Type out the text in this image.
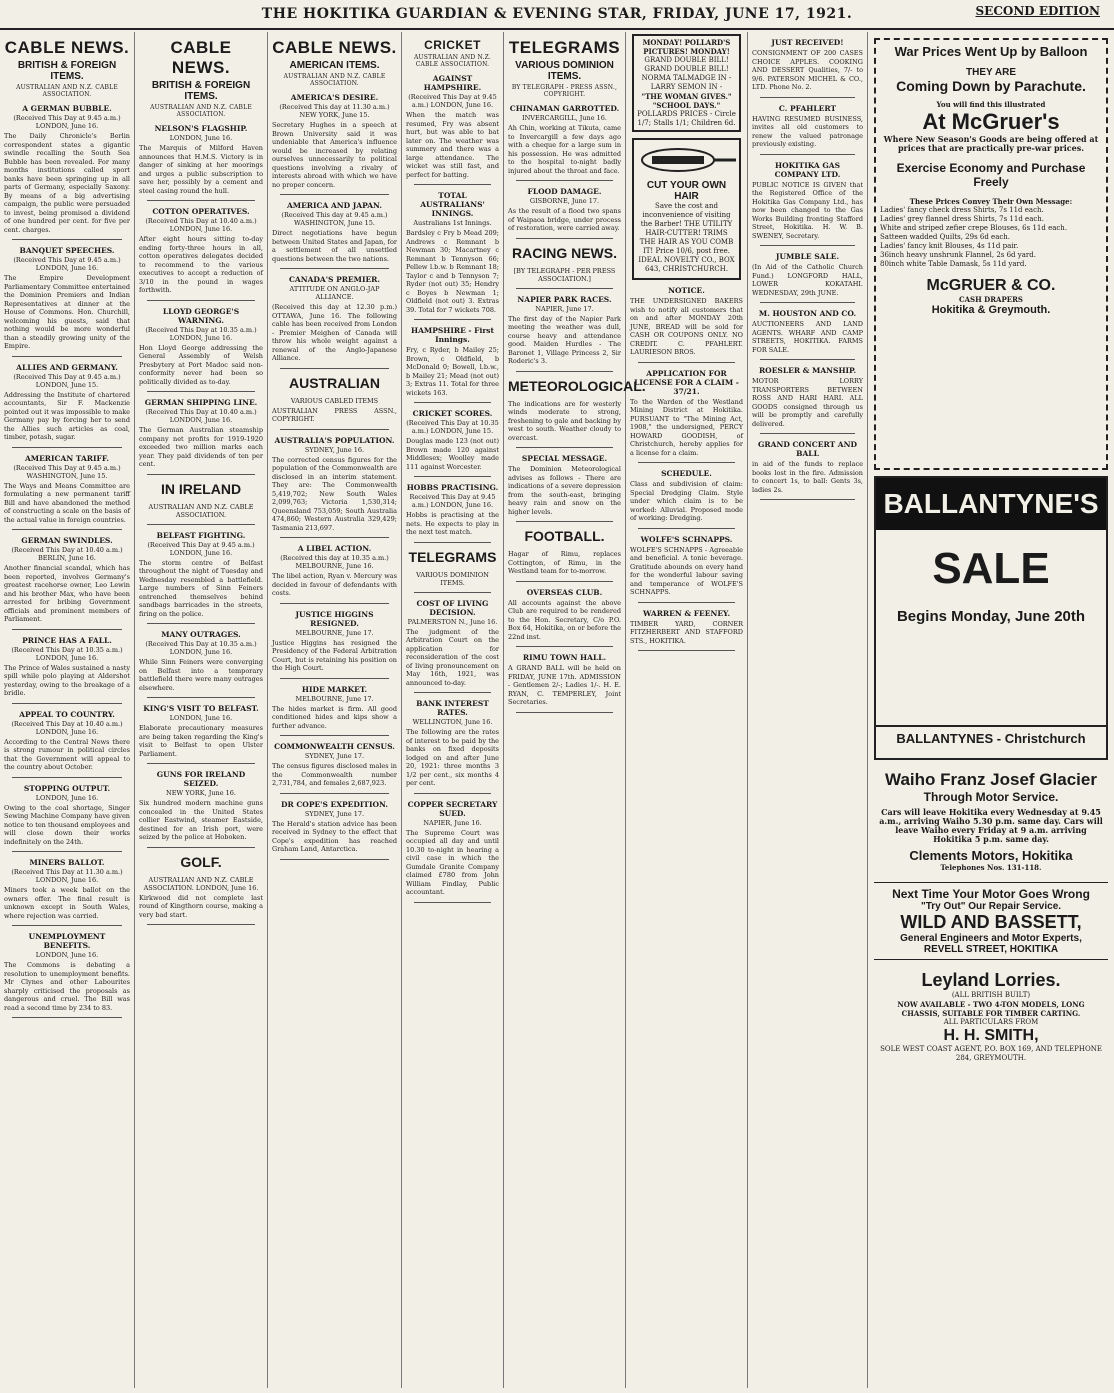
THE HOKITIKA GUARDIAN & EVENING STAR, FRIDAY, JUNE 17, 1921.	SECOND EDITION
CABLE NEWS.
BRITISH & FOREIGN ITEMS.
AUSTRALIAN AND N.Z. CABLE ASSOCIATION.
A GERMAN BUBBLE.
(Received This Day at 9.45 a.m.) LONDON, June 16.
The Daily Chronicle's Berlin correspondent states a gigantic swindle recalling the South Sea Bubble has been revealed. For many months institutions called sport banks have been springing up in all parts of Germany, especially Saxony. By means of a big advertising campaign, the public were persuaded to invest, being promised a dividend of one hundred per cent. for five per cent. charges.
BANQUET SPEECHES.
(Received This Day at 9.45 a.m.) LONDON, June 16.
The Empire Development Parliamentary Committee entertained the Dominion Premiers and Indian Representatives at dinner at the House of Commons. Hon. Churchill, welcoming his guests, said that nothing would be more wonderful than a steadily growing unity of the Empire.
ALLIES AND GERMANY.
(Received This Day at 9.45 a.m.) LONDON, June 15.
Addressing the Institute of chartered accountants, Sir F. Mackenzie pointed out it was impossible to make Germany pay by forcing her to send the Allies such articles as coal, timber, potash, sugar.
AMERICAN TARIFF.
(Received This Day at 9.45 a.m.) WASHINGTON, June 15.
The Ways and Means Committee are formulating a new permanent tariff Bill and have abandoned the method of constructing a scale on the basis of the actual value in foreign countries.
GERMAN SWINDLES.
(Received This Day at 10.40 a.m.) BERLIN, June 16.
Another financial scandal, which has been reported, involves Germany's greatest racehorse owner, Leo Lewin and his brother Max, who have been arrested for bribing Government officials and prominent members of Parliament.
PRINCE HAS A FALL.
(Received This Day at 10.35 a.m.) LONDON, June 16.
The Prince of Wales sustained a nasty spill while polo playing at Aldershot yesterday, owing to the breakage of a bridle.
APPEAL TO COUNTRY.
(Received This Day at 10.40 a.m.) LONDON, June 16.
According to the Central News there is strong rumour in political circles that the Government will appeal to the country about October.
STOPPING OUTPUT.
LONDON, June 16.
Owing to the coal shortage, Singer Sewing Machine Company have given notice to ten thousand employees and will close down their works indefinitely on the 24th.
MINERS BALLOT.
(Received This Day at 11.30 a.m.) LONDON, June 16.
Miners took a week ballot on the owners offer. The final result is unknown except in South Wales, where rejection was carried.
UNEMPLOYMENT BENEFITS.
LONDON, June 16.
The Commons is debating a resolution to unemployment benefits. Mr Clynes and other Labourites sharply criticised the proposals as dangerous and cruel. The Bill was read a second time by 234 to 83.
CABLE NEWS.
BRITISH & FOREIGN ITEMS.
AUSTRALIAN AND N.Z. CABLE ASSOCIATION.
NELSON'S FLAGSHIP.
LONDON, June 16.
The Marquis of Milford Haven announces that H.M.S. Victory is in danger of sinking at her moorings and urges a public subscription to save her, possibly by a cement and steel casing round the hull.
COTTON OPERATIVES.
(Received This Day at 10.40 a.m.) LONDON, June 16.
After eight hours sitting to-day ending forty-three hours in all, cotton operatives delegates decided to recommend to the various executives to accept a reduction of 3/10 in the pound in wages forthwith.
LLOYD GEORGE'S WARNING.
(Received This Day at 10.35 a.m.) LONDON, June 16.
Hon Lloyd George addressing the General Assembly of Welsh Presbytery at Port Madoc said non-conformity never had been so politically divided as to-day.
GERMAN SHIPPING LINE.
(Received This Day at 10.40 a.m.) LONDON, June 16.
The German Australian steamship company net profits for 1919-1920 exceeded two million marks each year. They paid dividends of ten per cent.
IN IRELAND
AUSTRALIAN AND N.Z. CABLE ASSOCIATION.
BELFAST FIGHTING.
(Received This Day at 9.45 a.m.) LONDON, June 16.
The storm centre of Belfast throughout the night of Tuesday and Wednesday resembled a battlefield. Large numbers of Sinn Feiners entrenched themselves behind sandbags barricades in the streets, firing on the police.
MANY OUTRAGES.
(Received This Day at 10.35 a.m.) LONDON, June 16.
While Sinn Feiners were converging on Belfast into a temporary battlefield there were many outrages elsewhere.
KING'S VISIT TO BELFAST.
LONDON, June 16.
Elaborate precautionary measures are being taken regarding the King's visit to Belfast to open Ulster Parliament.
GUNS FOR IRELAND SEIZED.
NEW YORK, June 16.
Six hundred modern machine guns concealed in the United States collier Eastwind, steamer Eastside, destined for an Irish port, were seized by the police at Hoboken.
GOLF.
AUSTRALIAN AND N.Z. CABLE ASSOCIATION. LONDON, June 16.
Kirkwood did not complete last round of Kingthorn course, making a very bad start.
CABLE NEWS.
AMERICAN ITEMS.
AUSTRALIAN AND N.Z. CABLE ASSOCIATION.
AMERICA'S DESIRE.
(Received This day at 11.30 a.m.) NEW YORK, June 15.
Secretary Hughes in a speech at Brown University said it was undeniable that America's influence would be increased by relating ourselves unnecessarily to political questions involving a rivalry of interests abroad with which we have no proper concern.
AMERICA AND JAPAN.
(Received This day at 9.45 a.m.) WASHINGTON, June 15.
Direct negotiations have begun between United States and Japan, for a settlement of all unsettled questions between the two nations.
CANADA'S PREMIER.
ATTITUDE ON ANGLO-JAP ALLIANCE.
(Received this day at 12.30 p.m.) OTTAWA, June 16. The following cable has been received from London - Premier Meighen of Canada will throw his whole weight against a renewal of the Anglo-Japanese Alliance.
AUSTRALIAN
VARIOUS CABLED ITEMS
AUSTRALIAN PRESS ASSN., COPYRIGHT.
AUSTRALIA'S POPULATION.
SYDNEY, June 16.
The corrected census figures for the population of the Commonwealth are disclosed in an interim statement. They are: The Commonwealth 5,419,702; New South Wales 2,099,763; Victoria 1,530,314; Queensland 753,059; South Australia 474,860; Western Australia 329,429; Tasmania 213,697.
A LIBEL ACTION.
(Received this day at 10.35 a.m.) MELBOURNE, June 16.
The libel action, Ryan v. Mercury was decided in favour of defendants with costs.
JUSTICE HIGGINS RESIGNED.
MELBOURNE, June 17.
Justice Higgins has resigned the Presidency of the Federal Arbitration Court, but is retaining his position on the High Court.
HIDE MARKET.
MELBOURNE, June 17.
The hides market is firm. All good conditioned hides and kips show a further advance.
COMMONWEALTH CENSUS.
SYDNEY, June 17.
The census figures disclosed males in the Commonwealth number 2,731,784, and females 2,687,923.
DR COPE'S EXPEDITION.
SYDNEY, June 17.
The Herald's station advice has been received in Sydney to the effect that Cope's expedition has reached Graham Land, Antarctica.
CRICKET
AUSTRALIAN AND N.Z. CABLE ASSOCIATION.
AGAINST HAMPSHIRE.
(Received This Day at 9.45 a.m.) LONDON, June 16.
When the match was resumed, Fry was absent hurt, but was able to bat later on. The weather was summery and there was a large attendance. The wicket was still fast, and perfect for batting.
TOTAL AUSTRALIANS' INNINGS.
Australians 1st Innings.
Bardsley c Fry b Mead 209; Andrews c Remnant b Newman 30; Macartney c Remnant b Tennyson 66; Pellew l.b.w. b Remnant 18; Taylor c and b Tennyson 7; Ryder (not out) 35; Hendry c Boyes b Newman 1; Oldfield (not out) 3. Extras 39. Total for 7 wickets 708.
HAMPSHIRE - First Innings.
Fry, c Ryder, b Mailey 25; Brown, c Oldfield, b McDonald 0; Bowell, l.b.w., b Mailey 21; Mead (not out) 3; Extras 11. Total for three wickets 163.
CRICKET SCORES.
(Received This Day at 10.35 a.m.) LONDON, June 15.
Douglas made 123 (not out) Brown made 120 against Middlesex; Woolley made 111 against Worcester.
HOBBS PRACTISING.
Received This Day at 9.45 a.m.) LONDON, June 16.
Hobbs is practising at the nets. He expects to play in the next test match.
TELEGRAMS
VARIOUS DOMINION ITEMS.
COST OF LIVING DECISION.
PALMERSTON N., June 16.
The judgment of the Arbitration Court on the application for reconsideration of the cost of living pronouncement on May 16th, 1921, was announced to-day.
BANK INTEREST RATES.
WELLINGTON, June 16.
The following are the rates of interest to be paid by the banks on fixed deposits lodged on and after June 20, 1921: three months 3 1/2 per cent., six months 4 per cent.
COPPER SECRETARY SUED.
NAPIER, June 16.
The Supreme Court was occupied all day and until 10.30 to-night in hearing a civil case in which the Gumdale Granite Company claimed £780 from John William Findlay, Public accountant.
TELEGRAMS
VARIOUS DOMINION ITEMS.
BY TELEGRAPH - PRESS ASSN., COPYRIGHT.
CHINAMAN GARROTTED.
INVERCARGILL, June 16.
Ah Chin, working at Tikuta, came to Invercargill a few days ago with a cheque for a large sum in his possession. He was admitted to the hospital to-night badly injured about the throat and face.
FLOOD DAMAGE.
GISBORNE, June 17.
As the result of a flood two spans of Waipaoa bridge, under process of restoration, were carried away.
RACING NEWS.
[BY TELEGRAPH - PER PRESS ASSOCIATION.]
NAPIER PARK RACES.
NAPIER, June 17.
The first day of the Napier Park meeting the weather was dull, course heavy and attendance good. Maiden Hurdles - The Baronet 1, Village Princess 2, Sir Roderic's 3.
METEOROLOGICAL.
The indications are for westerly winds moderate to strong, freshening to gale and backing by west to south. Weather cloudy to overcast.
SPECIAL MESSAGE.
The Dominion Meteorological advises as follows - There are indications of a severe depression from the south-east, bringing heavy rain and snow on the higher levels.
FOOTBALL.
Hagar of Rimu, replaces Cottington, of Rimu, in the Westland team for to-morrow.
OVERSEAS CLUB.
All accounts against the above Club are required to be rendered to the Hon. Secretary, C/o P.O. Box 64, Hokitika, on or before the 22nd inst.
RIMU TOWN HALL.
A GRAND BALL will be held on FRIDAY, JUNE 17th. ADMISSION - Gentlemen 2/-; Ladies 1/-. H. E. RYAN, C. TEMPERLEY, Joint Secretaries.
MONDAY! POLLARD'S PICTURES! MONDAY!
GRAND DOUBLE BILL! GRAND DOUBLE BILL!
NORMA TALMADGE IN - LARRY SEMON IN -
"THE WOMAN GIVES." "SCHOOL DAYS."
POLLARDS PRICES - Circle 1/7; Stalls 1/1; Children 6d.
CUT YOUR OWN HAIR
Save the cost and inconvenience of visiting the Barber! THE UTILITY HAIR-CUTTER! TRIMS THE HAIR AS YOU COMB IT! Price 10/6, post free. IDEAL NOVELTY CO., BOX 643, CHRISTCHURCH.
NOTICE.
THE UNDERSIGNED BAKERS wish to notify all customers that on and after MONDAY 20th JUNE, BREAD will be sold for CASH OR COUPONS ONLY. NO CREDIT. C. PFAHLERT. LAURIESON BROS.
APPLICATION FOR LICENSE FOR A CLAIM - 37/21.
To the Warden of the Westland Mining District at Hokitika. PURSUANT to "The Mining Act, 1908," the undersigned, PERCY HOWARD GOODISH, of Christchurch, hereby applies for a license for a claim.
SCHEDULE.
Class and subdivision of claim: Special Dredging Claim. Style under which claim is to be worked: Alluvial. Proposed mode of working: Dredging.
WOLFE'S SCHNAPPS.
WOLFE'S SCHNAPPS - Agreeable and beneficial. A tonic beverage. Gratitude abounds on every hand for the wonderful labour saving and temperance of WOLFE'S SCHNAPPS.
WARREN & FEENEY.
TIMBER YARD, CORNER FITZHERBERT AND STAFFORD STS., HOKITIKA.
JUST RECEIVED!
CONSIGNMENT OF 200 CASES CHOICE APPLES. COOKING AND DESSERT Qualities, 7/- to 9/6. PATERSON MICHEL & CO., LTD. Phone No. 2.
C. PFAHLERT
HAVING RESUMED BUSINESS, invites all old customers to renew the valued patronage previously existing.
HOKITIKA GAS COMPANY LTD.
PUBLIC NOTICE IS GIVEN that the Registered Office of the Hokitika Gas Company Ltd., has now been changed to the Gas Works Building fronting Stafford Street, Hokitika. H. W. B. SWENEY, Secretary.
JUMBLE SALE.
(In Aid of the Catholic Church Fund.) LONGFORD HALL, LOWER KOKATAHI. WEDNESDAY, 29th JUNE.
M. HOUSTON AND CO.
AUCTIONEERS AND LAND AGENTS. WHARF AND CAMP STREETS, HOKITIKA. FARMS FOR SALE.
ROESLER & MANSHIP.
MOTOR LORRY TRANSPORTERS BETWEEN ROSS AND HARI HARI. ALL GOODS consigned through us will be promptly and carefully delivered.
GRAND CONCERT AND BALL
in aid of the funds to replace books lost in the fire. Admission to concert 1s, to ball: Gents 3s, ladies 2s.
War Prices Went Up by Balloon
THEY ARE
Coming Down by Parachute.
You will find this illustrated
At McGruer's
Where New Season's Goods are being offered at prices that are practically pre-war prices.
Exercise Economy and Purchase Freely
These Prices Convey Their Own Message:
Ladies' fancy check dress Shirts, 7s 11d each.
Ladies' grey flannel dress Shirts, 7s 11d each.
White and striped zefier crepe Blouses, 6s 11d each.
Satteen wadded Quilts, 29s 6d each.
Ladies' fancy knit Blouses, 4s 11d pair.
36inch heavy unshrunk Flannel, 2s 6d yard.
80inch white Table Damask, 5s 11d yard.
McGRUER & CO.
CASH DRAPERS
Hokitika & Greymouth.
BALLANTYNE'S
SALE
Begins Monday, June 20th
BALLANTYNES - Christchurch
Waiho Franz Josef Glacier
Through Motor Service.
Cars will leave Hokitika every Wednesday at 9.45 a.m., arriving Waiho 5.30 p.m. same day. Cars will leave Waiho every Friday at 9 a.m. arriving Hokitika 5 p.m. same day.
Clements Motors, Hokitika
Telephones Nos. 131-118.
Next Time Your Motor Goes Wrong
"Try Out" Our Repair Service.
WILD AND BASSETT,
General Engineers and Motor Experts,
REVELL STREET, HOKITIKA
Leyland Lorries.
(ALL BRITISH BUILT)
NOW AVAILABLE - TWO 4-TON MODELS, LONG CHASSIS, SUITABLE FOR TIMBER CARTING.
ALL PARTICULARS FROM
H. H. SMITH,
SOLE WEST COAST AGENT, P.O. BOX 169, AND TELEPHONE 284, GREYMOUTH.
